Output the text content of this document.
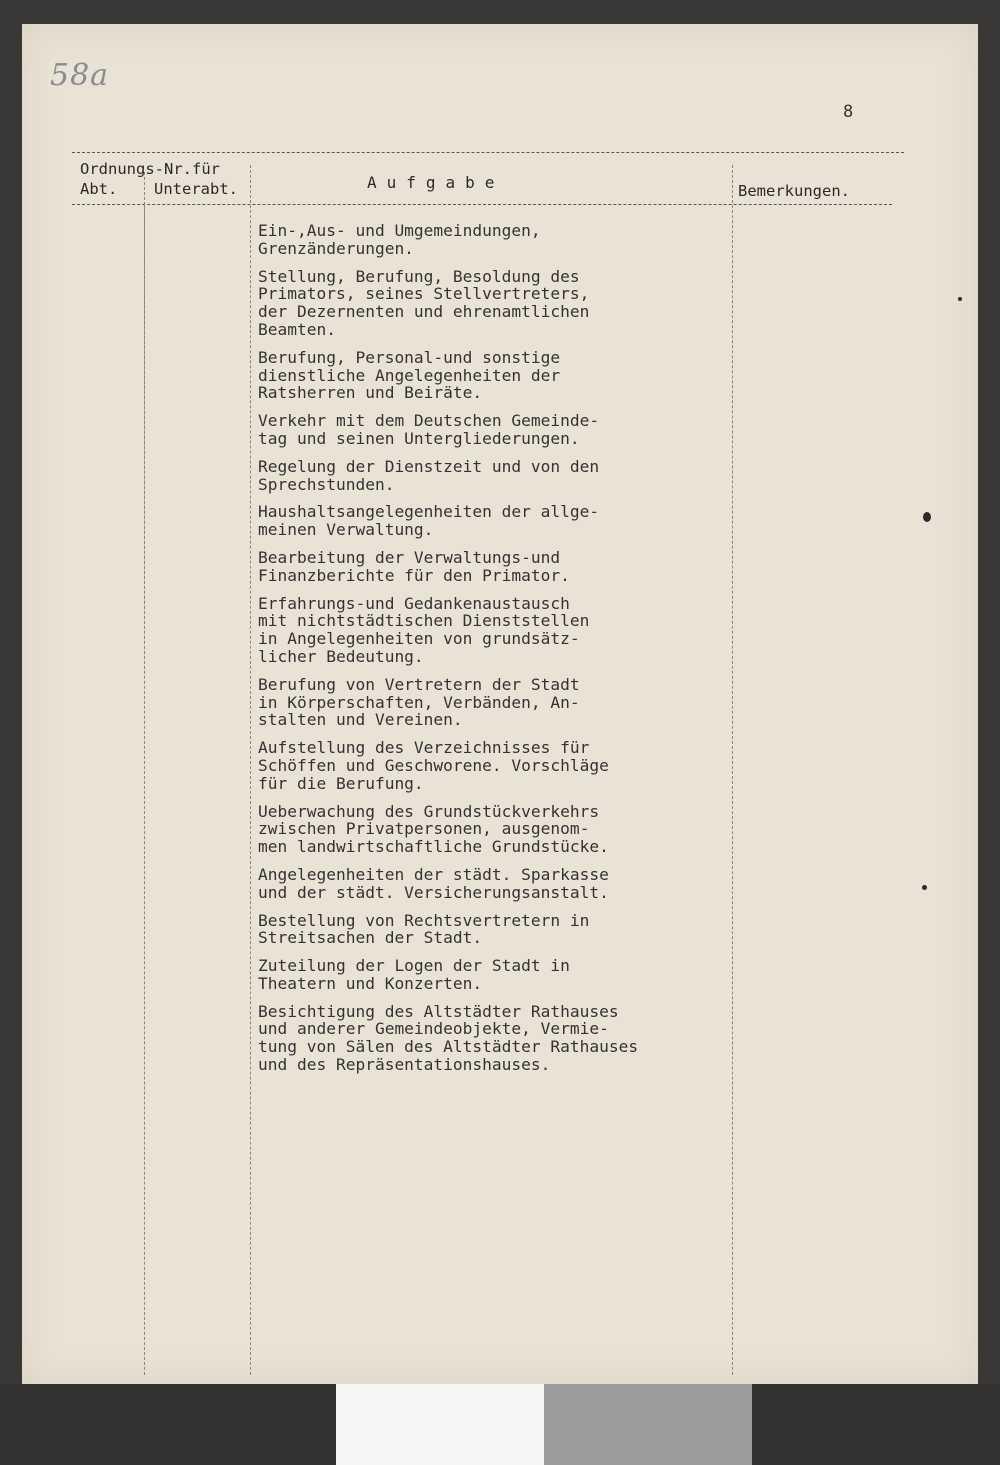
58a
8
Ordnungs-Nr.für
Abt. Unterabt.	Aufgabe	Bemerkungen.
Ein-,Aus- und Umgemeindungen,
Grenzänderungen.
Stellung, Berufung, Besoldung des
Primators, seines Stellvertreters,
der Dezernenten und ehrenamtlichen
Beamten.
Berufung, Personal-und sonstige
dienstliche Angelegenheiten der
Ratsherren und Beiräte.
Verkehr mit dem Deutschen Gemeinde-
tag und seinen Untergliederungen.
Regelung der Dienstzeit und von den
Sprechstunden.
Haushaltsangelegenheiten der allge-
meinen Verwaltung.
Bearbeitung der Verwaltungs-und
Finanzberichte für den Primator.
Erfahrungs-und Gedankenaustausch
mit nichtstädtischen Dienststellen
in Angelegenheiten von grundsätz-
licher Bedeutung.
Berufung von Vertretern der Stadt
in Körperschaften, Verbänden, An-
stalten und Vereinen.
Aufstellung des Verzeichnisses für
Schöffen und Geschworene. Vorschläge
für die Berufung.
Ueberwachung des Grundstückverkehrs
zwischen Privatpersonen, ausgenom-
men landwirtschaftliche Grundstücke.
Angelegenheiten der städt. Sparkasse
und der städt. Versicherungsanstalt.
Bestellung von Rechtsvertretern in
Streitsachen der Stadt.
Zuteilung der Logen der Stadt in
Theatern und Konzerten.
Besichtigung des Altstädter Rathauses
und anderer Gemeindeobjekte, Vermie-
tung von Sälen des Altstädter Rathauses
und des Repräsentationshauses.
